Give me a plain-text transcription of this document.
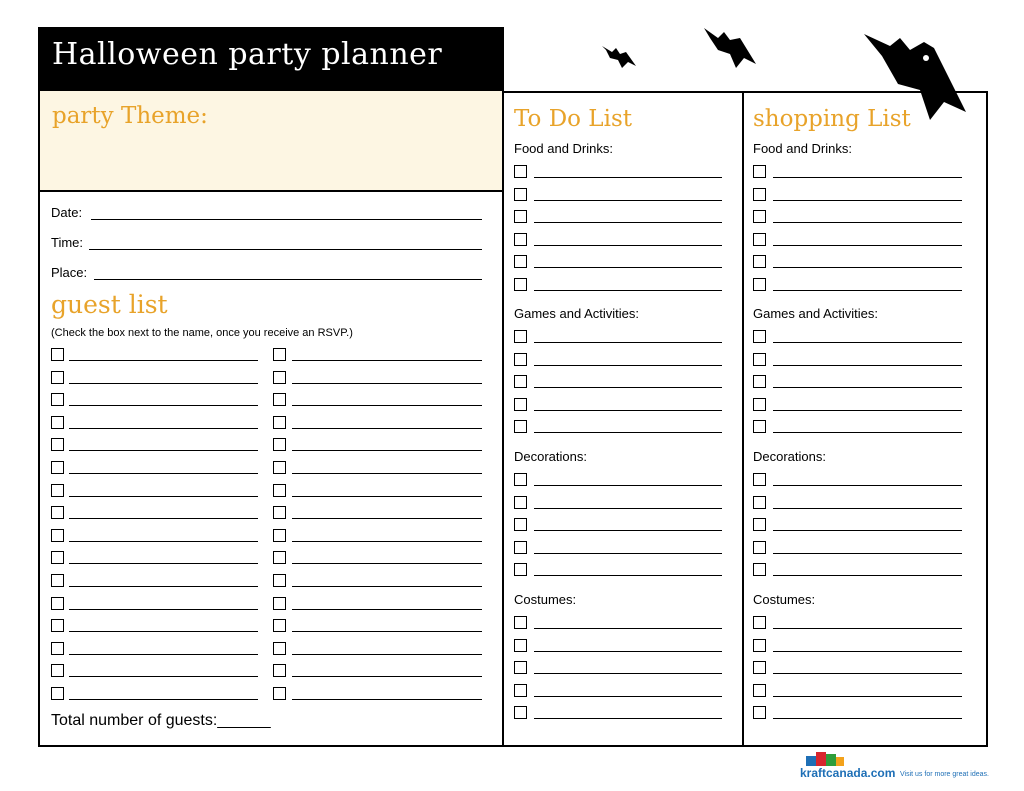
Halloween party planner
party Theme:
Date:
Time:
Place:
guest list
(Check the box next to the name, once you receive an RSVP.)
Total number of guests:______
To Do List
Food and Drinks:
Games and Activities:
Decorations:
Costumes:
shopping List
Food and Drinks:
Games and Activities:
Decorations:
Costumes:
kraftcanada.com Visit us for more great ideas.
